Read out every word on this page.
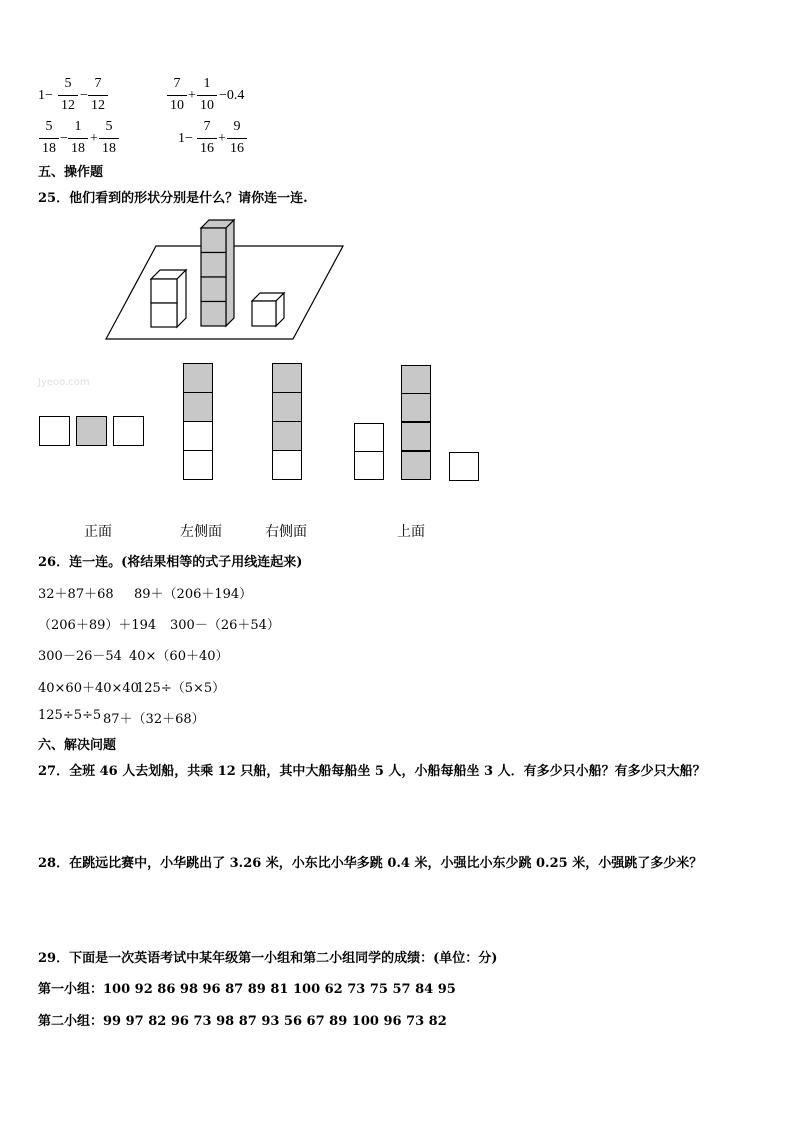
1−
5
12
−
7
12
7
10
+
1
10
−0.4
5
18
−
1
18
+
5
18
1−
7
16
+
9
16
五、操作题
25．他们看到的形状分别是什么？请你连一连.
Jyeoo.com
正面	左侧面	右侧面	上面
26．连一连。(将结果相等的式子用线连起来)
32＋87＋68 89＋（206＋194）
（206＋89）＋194 300－（26＋54）
300－26－54 40×（60＋40）
40×60＋40×40
125÷（5×5）
125÷5÷5 87＋（32＋68）
六、解决问题
27．全班 46 人去划船，共乘 12 只船，其中大船每船坐 5 人，小船每船坐 3 人．有多少只小船？有多少只大船？
28．在跳远比赛中，小华跳出了 3.26 米，小东比小华多跳 0.4 米，小强比小东少跳 0.25 米，小强跳了多少米？
29．下面是一次英语考试中某年级第一小组和第二小组同学的成绩：(单位：分)
第一小组：100 92 86 98 96 87 89 81 100 62 73 75 57 84 95
第二小组：99 97 82 96 73 98 87 93 56 67 89 100 96 73 82
